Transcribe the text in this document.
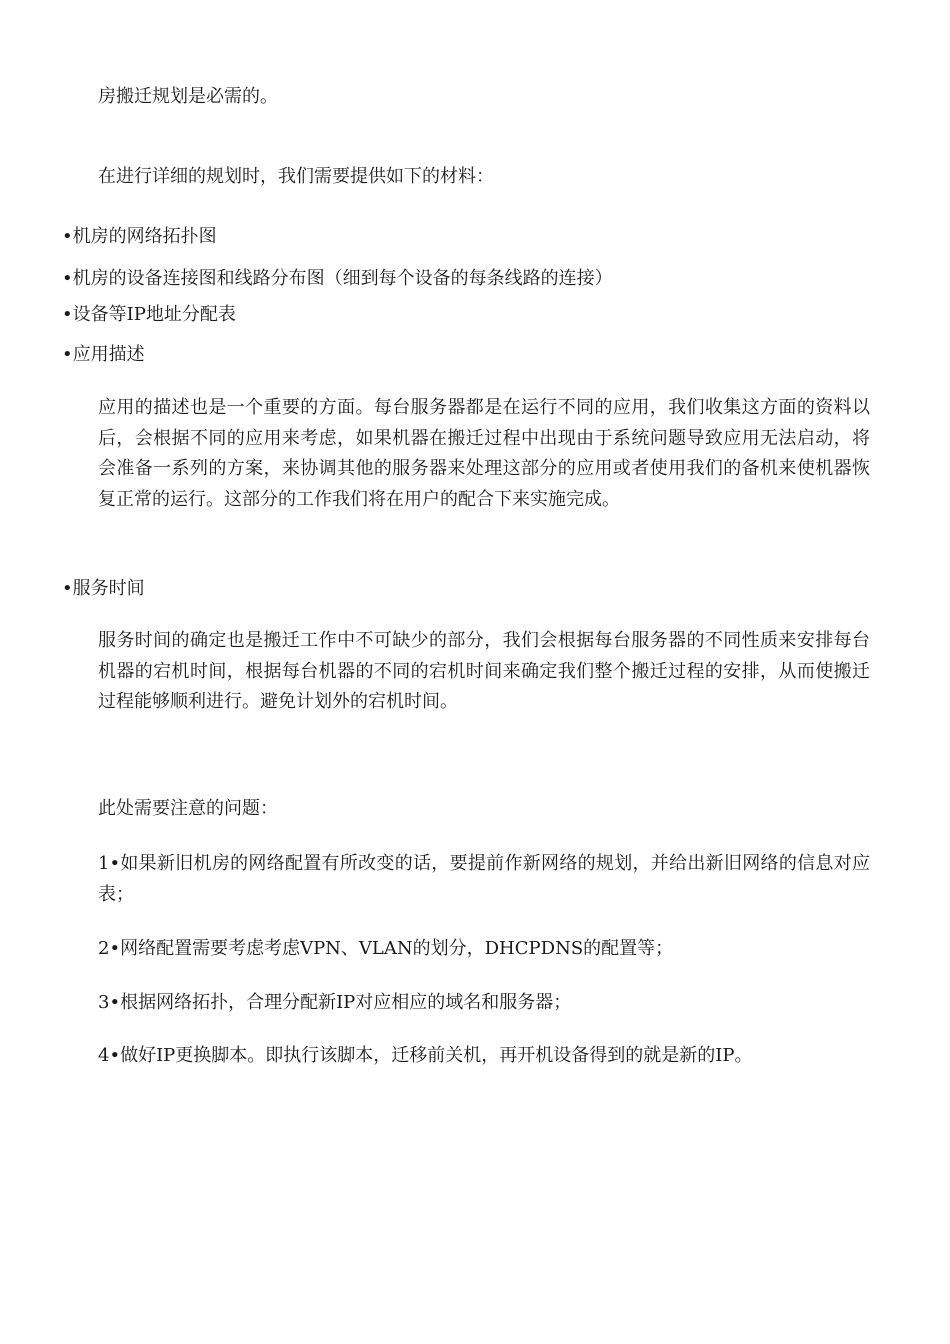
房搬迁规划是必需的。
在进行详细的规划时，我们需要提供如下的材料：
•机房的网络拓扑图
•机房的设备连接图和线路分布图（细到每个设备的每条线路的连接）
•设备等IP地址分配表
•应用描述
应用的描述也是一个重要的方面。每台服务器都是在运行不同的应用，我们收集这方面的资料以后，会根据不同的应用来考虑，如果机器在搬迁过程中出现由于系统问题导致应用无法启动，将会准备一系列的方案，来协调其他的服务器来处理这部分的应用或者使用我们的备机来使机器恢复正常的运行。这部分的工作我们将在用户的配合下来实施完成。
•服务时间
服务时间的确定也是搬迁工作中不可缺少的部分，我们会根据每台服务器的不同性质来安排每台机器的宕机时间，根据每台机器的不同的宕机时间来确定我们整个搬迁过程的安排，从而使搬迁过程能够顺利进行。避免计划外的宕机时间。
此处需要注意的问题：
1•如果新旧机房的网络配置有所改变的话，要提前作新网络的规划，并给出新旧网络的信息对应表；
2•网络配置需要考虑考虑VPN、VLAN的划分，DHCPDNS的配置等；
3•根据网络拓扑，合理分配新IP对应相应的域名和服务器；
4•做好IP更换脚本。即执行该脚本，迁移前关机，再开机设备得到的就是新的IP。
